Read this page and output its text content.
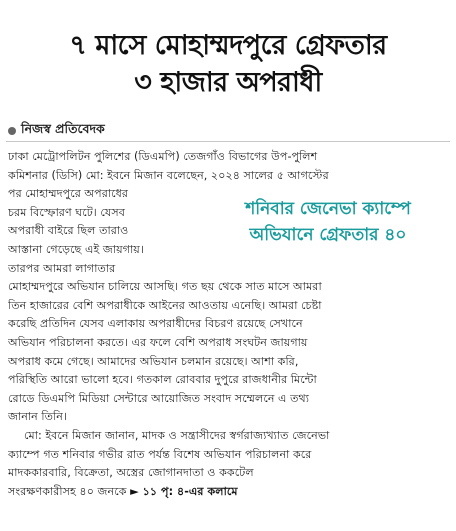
৭ মাসে মোহাম্মদপুরে গ্রেফতার
৩ হাজার অপরাধী
নিজস্ব প্রতিবেদক
ঢাকা মেট্রোপলিটন পুলিশের (ডিএমপি) তেজগাঁও বিভাগের উপ-পুলিশ
কমিশনার (ডিসি) মো: ইবনে মিজান বলেছেন, ২০২৪ সালের ৫ আগস্টের
পর মোহাম্মদপুরে অপরাধের
চরম বিস্ফোরণ ঘটে। যেসব
অপরাধী বাইরে ছিল তারাও
আস্তানা গেড়েছে এই জায়গায়।
তারপর আমরা লাগাতার
মোহাম্মদপুরে অভিযান চালিয়ে আসছি। গত ছয় থেকে সাত মাসে আমরা
তিন হাজারের বেশি অপরাধীকে আইনের আওতায় এনেছি। আমরা চেষ্টা
করেছি প্রতিদিন যেসব এলাকায় অপরাধীদের বিচরণ রয়েছে সেখানে
অভিযান পরিচালনা করতে। এর ফলে বেশি অপরাধ সংঘটন জায়গায়
অপরাধ কমে গেছে। আমাদের অভিযান চলমান রয়েছে। আশা করি,
পরিস্থিতি আরো ভালো হবে। গতকাল রোববার দুপুরে রাজধানীর মিন্টো
রোডে ডিএমপি মিডিয়া সেন্টারে আয়োজিত সংবাদ সম্মেলনে এ তথ্য
জানান তিনি।
মো: ইবনে মিজান জানান, মাদক ও সন্ত্রাসীদের স্বর্গরাজ্যখ্যাত জেনেভা
ক্যাম্পে গত শনিবার গভীর রাত পর্যন্ত বিশেষ অভিযান পরিচালনা করে
মাদককারবারি, বিক্রেতা, অস্ত্রের জোগানদাতা ও ককটেল
সংরক্ষণকারীসহ ৪০ জনকে ► ১১ পৃ: ৪-এর কলামে
শনিবার জেনেভা ক্যাম্পে
অভিযানে গ্রেফতার ৪০
